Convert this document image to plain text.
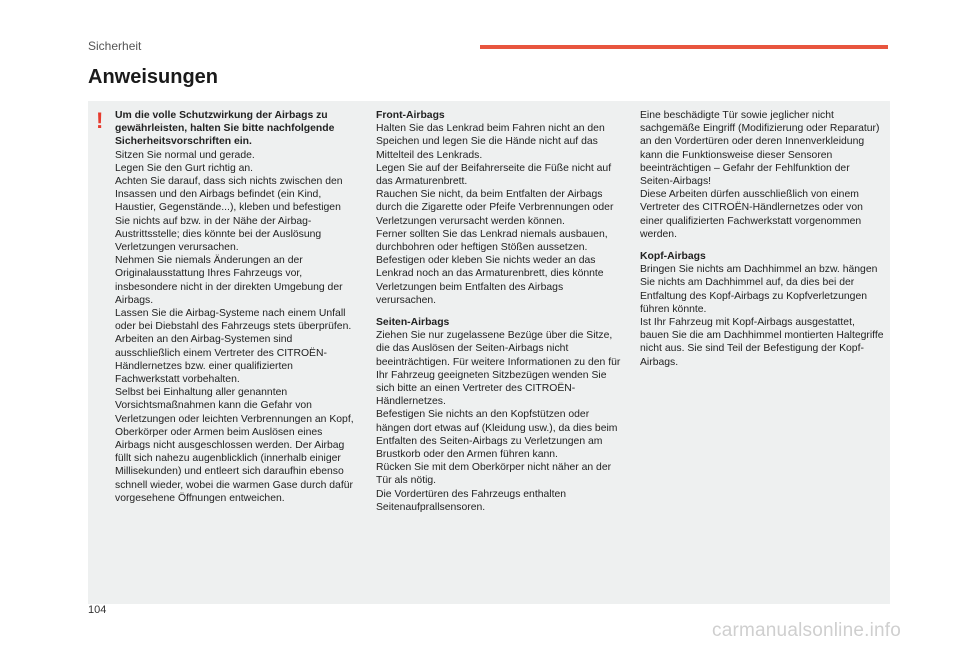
Sicherheit
Anweisungen
! Um die volle Schutzwirkung der Airbags zu gewährleisten, halten Sie bitte nachfolgende Sicherheitsvorschriften ein.

Sitzen Sie normal und gerade.
Legen Sie den Gurt richtig an.
Achten Sie darauf, dass sich nichts zwischen den Insassen und den Airbags befindet (ein Kind, Haustier, Gegenstände...), kleben und befestigen Sie nichts auf bzw. in der Nähe der Airbag-Austrittsstelle; dies könnte bei der Auslösung Verletzungen verursachen.
Nehmen Sie niemals Änderungen an der Originalausstattung Ihres Fahrzeugs vor, insbesondere nicht in der direkten Umgebung der Airbags.
Lassen Sie die Airbag-Systeme nach einem Unfall oder bei Diebstahl des Fahrzeugs stets überprüfen.
Arbeiten an den Airbag-Systemen sind ausschließlich einem Vertreter des CITROËN-Händlernetzes bzw. einer qualifizierten Fachwerkstatt vorbehalten.
Selbst bei Einhaltung aller genannten Vorsichtsmaßnahmen kann die Gefahr von Verletzungen oder leichten Verbrennungen an Kopf, Oberkörper oder Armen beim Auslösen eines Airbags nicht ausgeschlossen werden. Der Airbag füllt sich nahezu augenblicklich (innerhalb einiger Millisekunden) und entleert sich daraufhin ebenso schnell wieder, wobei die warmen Gase durch dafür vorgesehene Öffnungen entweichen.

Front-Airbags

Halten Sie das Lenkrad beim Fahren nicht an den Speichen und legen Sie die Hände nicht auf das Mittelteil des Lenkrads.
Legen Sie auf der Beifahrerseite die Füße nicht auf das Armaturenbrett.
Rauchen Sie nicht, da beim Entfalten der Airbags durch die Zigarette oder Pfeife Verbrennungen oder Verletzungen verursacht werden können.
Ferner sollten Sie das Lenkrad niemals ausbauen, durchbohren oder heftigen Stößen aussetzen.
Befestigen oder kleben Sie nichts weder an das Lenkrad noch an das Armaturenbrett, dies könnte Verletzungen beim Entfalten des Airbags verursachen.

Seiten-Airbags

Ziehen Sie nur zugelassene Bezüge über die Sitze, die das Auslösen der Seiten-Airbags nicht beeinträchtigen. Für weitere Informationen zu den für Ihr Fahrzeug geeigneten Sitzbezügen wenden Sie sich bitte an einen Vertreter des CITROËN-Händlernetzes.
Befestigen Sie nichts an den Kopfstützen oder hängen dort etwas auf (Kleidung usw.), da dies beim Entfalten des Seiten-Airbags zu Verletzungen am Brustkorb oder den Armen führen kann.
Rücken Sie mit dem Oberkörper nicht näher an der Tür als nötig.
Die Vordertüren des Fahrzeugs enthalten Seitenaufprallsensoren.

Eine beschädigte Tür sowie jeglicher nicht sachgemäße Eingriff (Modifizierung oder Reparatur) an den Vordertüren oder deren Innenverkleidung kann die Funktionsweise dieser Sensoren beeinträchtigen – Gefahr der Fehlfunktion der Seiten-Airbags!
Diese Arbeiten dürfen ausschließlich von einem Vertreter des CITROËN-Händlernetzes oder von einer qualifizierten Fachwerkstatt vorgenommen werden.

Kopf-Airbags

Bringen Sie nichts am Dachhimmel an bzw. hängen Sie nichts am Dachhimmel auf, da dies bei der Entfaltung des Kopf-Airbags zu Kopfverletzungen führen könnte.
Ist Ihr Fahrzeug mit Kopf-Airbags ausgestattet, bauen Sie die am Dachhimmel montierten Haltegriffe nicht aus. Sie sind Teil der Befestigung der Kopf-Airbags.

104
carmanualsonline.info
